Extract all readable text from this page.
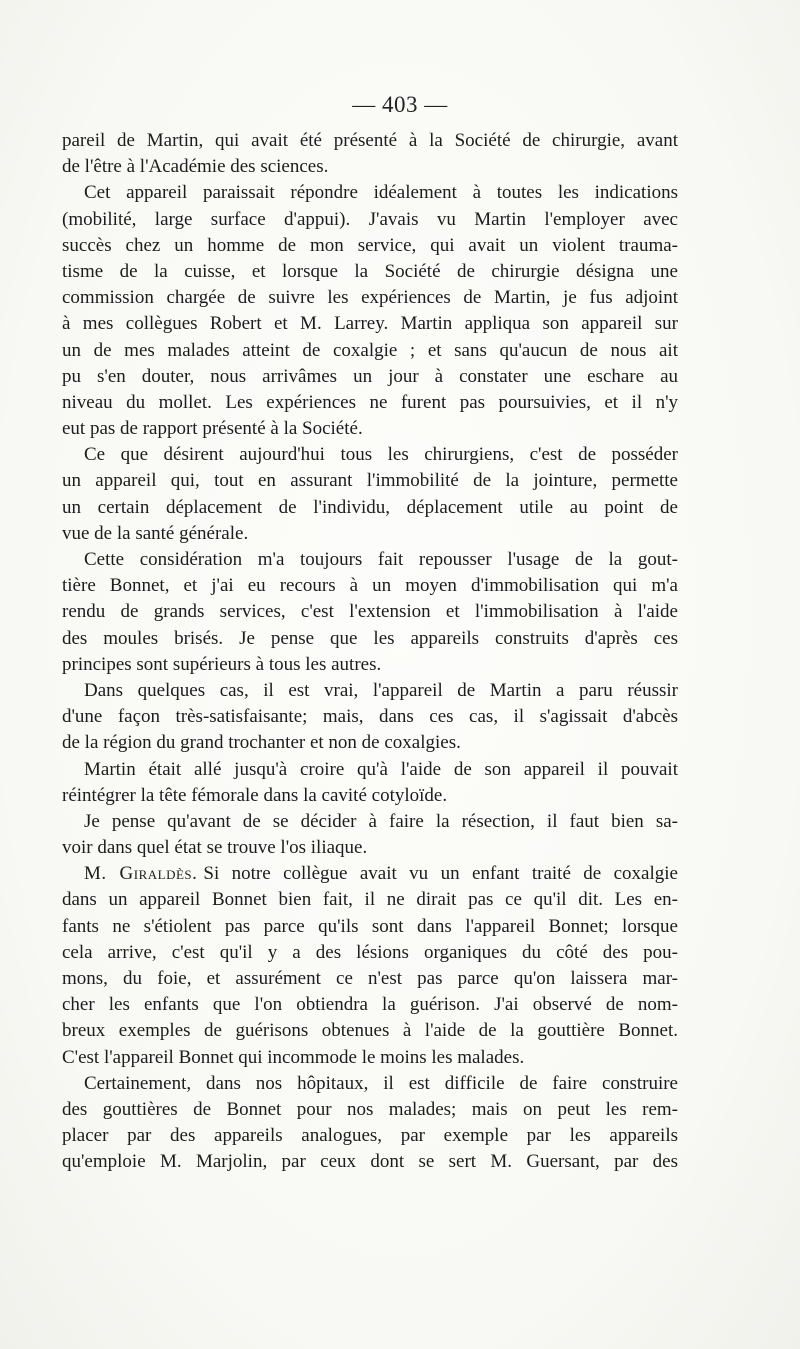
— 403 —
pareil de Martin, qui avait été présenté à la Société de chirurgie, avant
de l'être à l'Académie des sciences.
Cet appareil paraissait répondre idéalement à toutes les indications
(mobilité, large surface d'appui). J'avais vu Martin l'employer avec
succès chez un homme de mon service, qui avait un violent trauma-
tisme de la cuisse, et lorsque la Société de chirurgie désigna une
commission chargée de suivre les expériences de Martin, je fus adjoint
à mes collègues Robert et M. Larrey. Martin appliqua son appareil sur
un de mes malades atteint de coxalgie ; et sans qu'aucun de nous ait
pu s'en douter, nous arrivâmes un jour à constater une eschare au
niveau du mollet. Les expériences ne furent pas poursuivies, et il n'y
eut pas de rapport présenté à la Société.
Ce que désirent aujourd'hui tous les chirurgiens, c'est de posséder
un appareil qui, tout en assurant l'immobilité de la jointure, permette
un certain déplacement de l'individu, déplacement utile au point de
vue de la santé générale.
Cette considération m'a toujours fait repousser l'usage de la gout-
tière Bonnet, et j'ai eu recours à un moyen d'immobilisation qui m'a
rendu de grands services, c'est l'extension et l'immobilisation à l'aide
des moules brisés. Je pense que les appareils construits d'après ces
principes sont supérieurs à tous les autres.
Dans quelques cas, il est vrai, l'appareil de Martin a paru réussir
d'une façon très-satisfaisante; mais, dans ces cas, il s'agissait d'abcès
de la région du grand trochanter et non de coxalgies.
Martin était allé jusqu'à croire qu'à l'aide de son appareil il pouvait
réintégrer la tête fémorale dans la cavité cotyloïde.
Je pense qu'avant de se décider à faire la résection, il faut bien sa-
voir dans quel état se trouve l'os iliaque.
M. Giraldès. Si notre collègue avait vu un enfant traité de coxalgie
dans un appareil Bonnet bien fait, il ne dirait pas ce qu'il dit. Les en-
fants ne s'étiolent pas parce qu'ils sont dans l'appareil Bonnet; lorsque
cela arrive, c'est qu'il y a des lésions organiques du côté des pou-
mons, du foie, et assurément ce n'est pas parce qu'on laissera mar-
cher les enfants que l'on obtiendra la guérison. J'ai observé de nom-
breux exemples de guérisons obtenues à l'aide de la gouttière Bonnet.
C'est l'appareil Bonnet qui incommode le moins les malades.
Certainement, dans nos hôpitaux, il est difficile de faire construire
des gouttières de Bonnet pour nos malades; mais on peut les rem-
placer par des appareils analogues, par exemple par les appareils
qu'emploie M. Marjolin, par ceux dont se sert M. Guersant, par des
